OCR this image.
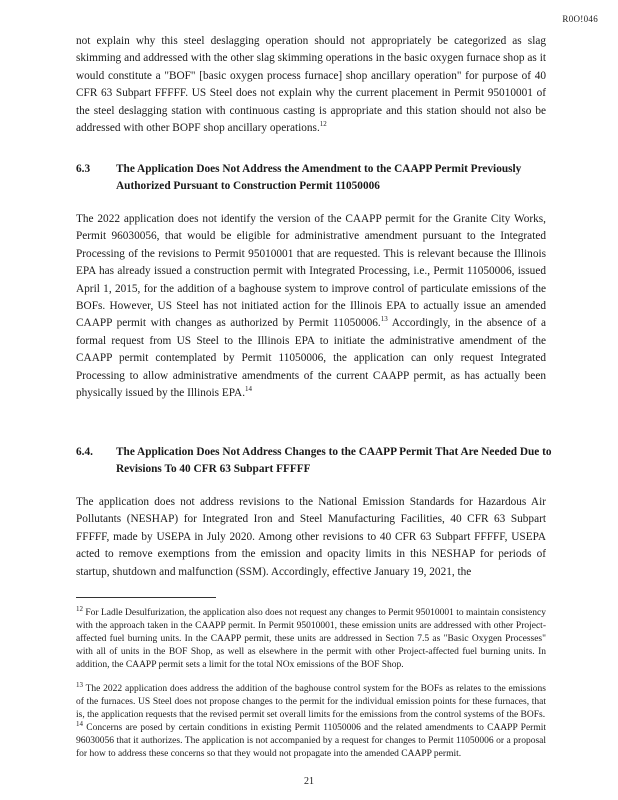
R0O!046
not explain why this steel deslagging operation should not appropriately be categorized as slag skimming and addressed with the other slag skimming operations in the basic oxygen furnace shop as it would constitute a "BOF" [basic oxygen process furnace] shop ancillary operation" for purpose of 40 CFR 63 Subpart FFFFF. US Steel does not explain why the current placement in Permit 95010001 of the steel deslagging station with continuous casting is appropriate and this station should not also be addressed with other BOPF shop ancillary operations.$^{12}$
6.3	The Application Does Not Address the Amendment to the CAAPP Permit Previously Authorized Pursuant to Construction Permit 11050006
The 2022 application does not identify the version of the CAAPP permit for the Granite City Works, Permit 96030056, that would be eligible for administrative amendment pursuant to the Integrated Processing of the revisions to Permit 95010001 that are requested. This is relevant because the Illinois EPA has already issued a construction permit with Integrated Processing, i.e., Permit 11050006, issued April 1, 2015, for the addition of a baghouse system to improve control of particulate emissions of the BOFs. However, US Steel has not initiated action for the Illinois EPA to actually issue an amended CAAPP permit with changes as authorized by Permit 11050006.13 Accordingly, in the absence of a formal request from US Steel to the Illinois EPA to initiate the administrative amendment of the CAAPP permit contemplated by Permit 11050006, the application can only request Integrated Processing to allow administrative amendments of the current CAAPP permit, as has actually been physically issued by the Illinois EPA.$^{14}$
6.4.	The Application Does Not Address Changes to the CAAPP Permit That Are Needed Due to Revisions To 40 CFR 63 Subpart FFFFF
The application does not address revisions to the National Emission Standards for Hazardous Air Pollutants (NESHAP) for Integrated Iron and Steel Manufacturing Facilities, 40 CFR 63 Subpart FFFFF, made by USEPA in July 2020. Among other revisions to 40 CFR 63 Subpart FFFFF, USEPA acted to remove exemptions from the emission and opacity limits in this NESHAP for periods of startup, shutdown and malfunction (SSM). Accordingly, effective January 19, 2021, the
$^{12}$ For Ladle Desulfurization, the application also does not request any changes to Permit 95010001 to maintain consistency with the approach taken in the CAAPP permit. In Permit 95010001, these emission units are addressed with other Project-affected fuel burning units. In the CAAPP permit, these units are addressed in Section 7.5 as "Basic Oxygen Processes" with all of units in the BOF Shop, as well as elsewhere in the permit with other Project-affected fuel burning units. In addition, the CAAPP permit sets a limit for the total NOx emissions of the BOF Shop.
$^{13}$ The 2022 application does address the addition of the baghouse control system for the BOFs as relates to the emissions of the furnaces. US Steel does not propose changes to the permit for the individual emission points for these furnaces, that is, the application requests that the revised permit set overall limits for the emissions from the control systems of the BOFs.
$^{14}$ Concerns are posed by certain conditions in existing Permit 11050006 and the related amendments to CAAPP Permit 96030056 that it authorizes. The application is not accompanied by a request for changes to Permit 11050006 or a proposal for how to address these concerns so that they would not propagate into the amended CAAPP permit.
21
